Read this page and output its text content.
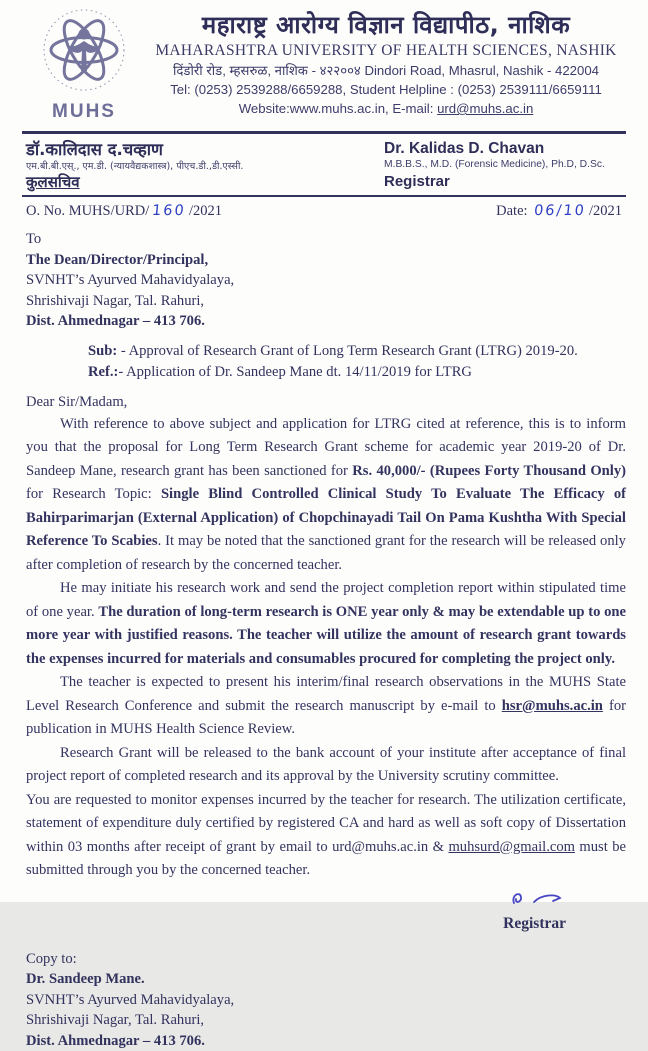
MUHS
महाराष्ट्र आरोग्य विज्ञान विद्यापीठ, नाशिक
MAHARASHTRA UNIVERSITY OF HEALTH SCIENCES, NASHIK
दिंडोरी रोड, म्हसरुळ, नाशिक - ४२२००४ Dindori Road, Mhasrul, Nashik - 422004
Tel: (0253) 2539288/6659288, Student Helpline : (0253) 2539111/6659111
Website:www.muhs.ac.in, E-mail: urd@muhs.ac.in
डॉ.कालिदास द.चव्हाण
एम.बी.बी.एस्., एम.डी. (न्यायवैद्यकशास्त्र), पीएच.डी.,डी.एस्सी.
कुलसचिव
Dr. Kalidas D. Chavan
M.B.B.S., M.D. (Forensic Medicine), Ph.D, D.Sc.
Registrar
O. No. MUHS/URD/ 160 /2021	Date: 06/10 /2021
To
The Dean/Director/Principal,
SVNHT’s Ayurved Mahavidyalaya,
Shrishivaji Nagar, Tal. Rahuri,
Dist. Ahmednagar – 413 706.
Sub: - Approval of Research Grant of Long Term Research Grant (LTRG) 2019-20.
Ref.:- Application of Dr. Sandeep Mane dt. 14/11/2019 for LTRG
Dear Sir/Madam,
With reference to above subject and application for LTRG cited at reference, this is to inform you that the proposal for Long Term Research Grant scheme for academic year 2019-20 of Dr. Sandeep Mane, research grant has been sanctioned for Rs. 40,000/- (Rupees Forty Thousand Only) for Research Topic: Single Blind Controlled Clinical Study To Evaluate The Efficacy of Bahirparimarjan (External Application) of Chopchinayadi Tail On Pama Kushtha With Special Reference To Scabies. It may be noted that the sanctioned grant for the research will be released only after completion of research by the concerned teacher.
He may initiate his research work and send the project completion report within stipulated time of one year. The duration of long-term research is ONE year only & may be extendable up to one more year with justified reasons. The teacher will utilize the amount of research grant towards the expenses incurred for materials and consumables procured for completing the project only.
The teacher is expected to present his interim/final research observations in the MUHS State Level Research Conference and submit the research manuscript by e-mail to hsr@muhs.ac.in for publication in MUHS Health Science Review.
Research Grant will be released to the bank account of your institute after acceptance of final project report of completed research and its approval by the University scrutiny committee.
You are requested to monitor expenses incurred by the teacher for research. The utilization certificate, statement of expenditure duly certified by registered CA and hard as well as soft copy of Dissertation within 03 months after receipt of grant by email to urd@muhs.ac.in & muhsurd@gmail.com must be submitted through you by the concerned teacher.
Registrar
Copy to:
Dr. Sandeep Mane.
SVNHT’s Ayurved Mahavidyalaya,
Shrishivaji Nagar, Tal. Rahuri,
Dist. Ahmednagar – 413 706.
